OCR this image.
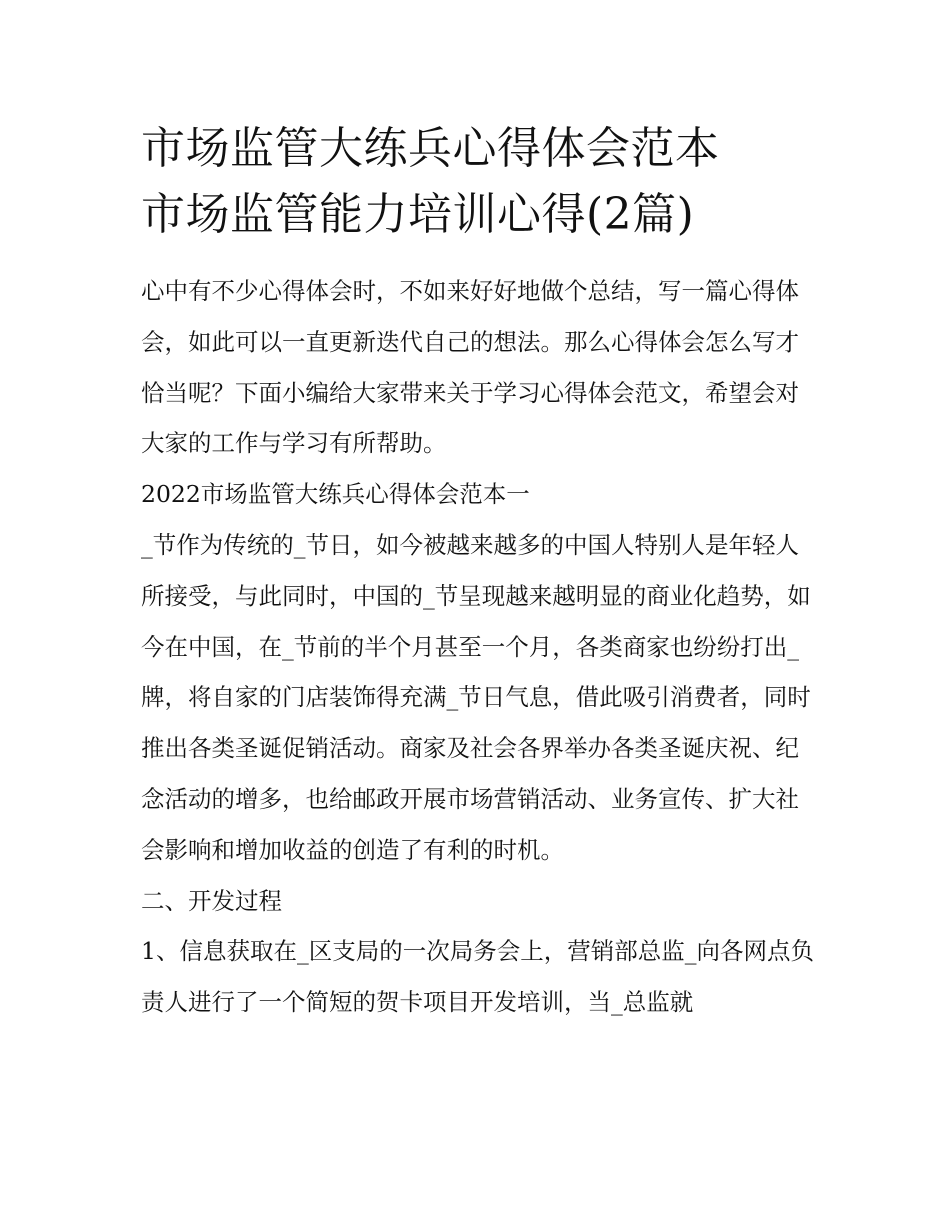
市场监管大练兵心得体会范本
市场监管能力培训心得(2篇)

心中有不少心得体会时，不如来好好地做个总结，写一篇心得体会，如此可以一直更新迭代自己的想法。那么心得体会怎么写才恰当呢？下面小编给大家带来关于学习心得体会范文，希望会对大家的工作与学习有所帮助。

2022市场监管大练兵心得体会范本一

_节作为传统的_节日，如今被越来越多的中国人特别人是年轻人所接受，与此同时，中国的_节呈现越来越明显的商业化趋势，如今在中国，在_节前的半个月甚至一个月，各类商家也纷纷打出_牌，将自家的门店装饰得充满_节日气息，借此吸引消费者，同时推出各类圣诞促销活动。商家及社会各界举办各类圣诞庆祝、纪念活动的增多，也给邮政开展市场营销活动、业务宣传、扩大社会影响和增加收益的创造了有利的时机。

二、开发过程

1、信息获取在_区支局的一次局务会上，营销部总监_向各网点负责人进行了一个简短的贺卡项目开发培训，当_总监就
